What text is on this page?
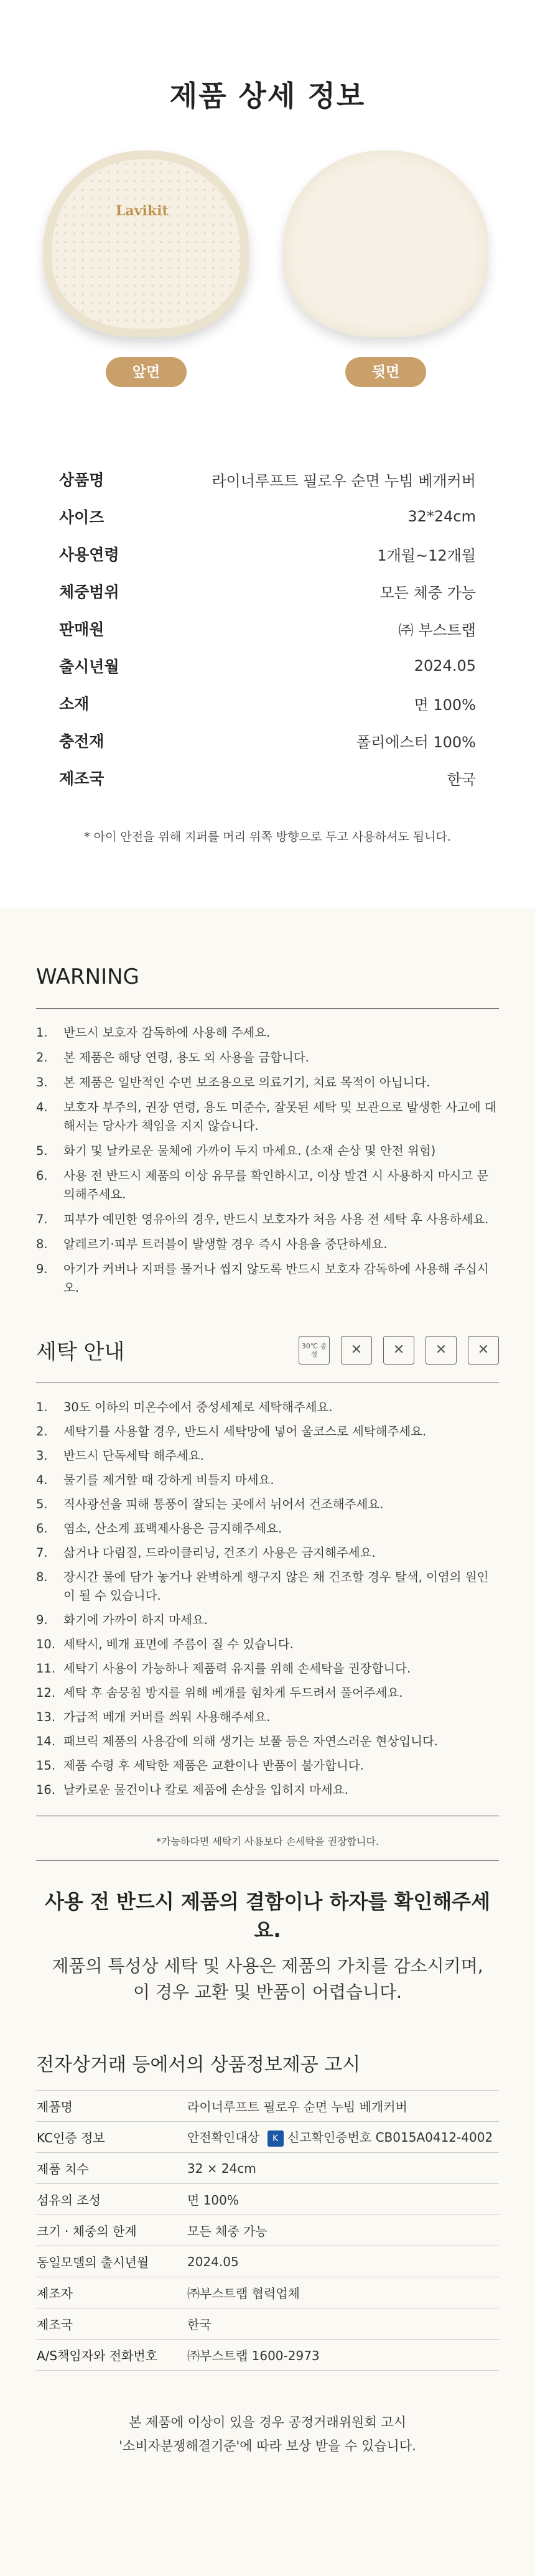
제품 상세 정보
Lavikit
앞면	뒷면
상품명	라이너루프트 필로우 순면 누빔 베개커버
사이즈	32*24cm
사용연령	1개월~12개월
체중범위	모든 체중 가능
판매원	㈜ 부스트랩
출시년월	2024.05
소재	면 100%
충전재	폴리에스터 100%
제조국	한국
* 아이 안전을 위해 지퍼를 머리 위쪽 방향으로 두고 사용하셔도 됩니다.
WARNING
1.	반드시 보호자 감독하에 사용해 주세요.
2.	본 제품은 해당 연령, 용도 외 사용을 금합니다.
3.	본 제품은 일반적인 수면 보조용으로 의료기기, 치료 목적이 아닙니다.
4.	보호자 부주의, 권장 연령, 용도 미준수, 잘못된 세탁 및 보관으로 발생한 사고에 대해서는 당사가 책임을 지지 않습니다.
5.	화기 및 날카로운 물체에 가까이 두지 마세요. (소재 손상 및 안전 위험)
6.	사용 전 반드시 제품의 이상 유무를 확인하시고, 이상 발견 시 사용하지 마시고 문의해주세요.
7.	피부가 예민한 영유아의 경우, 반드시 보호자가 처음 사용 전 세탁 후 사용하세요.
8.	알레르기·피부 트러블이 발생할 경우 즉시 사용을 중단하세요.
9.	아기가 커버나 지퍼를 물거나 씹지 않도록 반드시 보호자 감독하에 사용해 주십시오.
세탁 안내	30℃ 중성	✕	✕	✕	✕
1.	30도 이하의 미온수에서 중성세제로 세탁해주세요.
2.	세탁기를 사용할 경우, 반드시 세탁망에 넣어 울코스로 세탁해주세요.
3.	반드시 단독세탁 해주세요.
4.	물기를 제거할 때 강하게 비틀지 마세요.
5.	직사광선을 피해 통풍이 잘되는 곳에서 뉘어서 건조해주세요.
6.	염소, 산소계 표백제사용은 금지해주세요.
7.	삶거나 다림질, 드라이클리닝, 건조기 사용은 금지해주세요.
8.	장시간 물에 담가 놓거나 완벽하게 행구지 않은 채 건조할 경우 탈색, 이염의 원인이 될 수 있습니다.
9.	화기에 가까이 하지 마세요.
10. 세탁시, 베개 표면에 주름이 질 수 있습니다.
11. 세탁기 사용이 가능하나 제품력 유지를 위해 손세탁을 권장합니다.
12. 세탁 후 솜뭉침 방지를 위해 베개를 힘차게 두드려서 풀어주세요.
13. 가급적 베개 커버를 씌워 사용해주세요.
14. 패브릭 제품의 사용감에 의해 생기는 보풀 등은 자연스러운 현상입니다.
15. 제품 수령 후 세탁한 제품은 교환이나 반품이 불가합니다.
16. 날카로운 물건이나 칼로 제품에 손상을 입히지 마세요.
*가능하다면 세탁기 사용보다 손세탁을 권장합니다.
사용 전 반드시 제품의 결함이나 하자를 확인해주세요.
제품의 특성상 세탁 및 사용은 제품의 가치를 감소시키며,
이 경우 교환 및 반품이 어렵습니다.
전자상거래 등에서의 상품정보제공 고시
제품명	라이너루프트 필로우 순면 누빔 베개커버
KC인증 정보	안전확인대상 K 신고확인증번호 CB015A0412-4002
제품 치수	32 × 24cm
섬유의 조성	면 100%
크기 · 체중의 한계	모든 체중 가능
동일모델의 출시년월	2024.05
제조자	㈜부스트랩 협력업체
제조국	한국
A/S책임자와 전화번호	㈜부스트랩 1600-2973
본 제품에 이상이 있을 경우 공정거래위원회 고시
'소비자분쟁해결기준'에 따라 보상 받을 수 있습니다.
